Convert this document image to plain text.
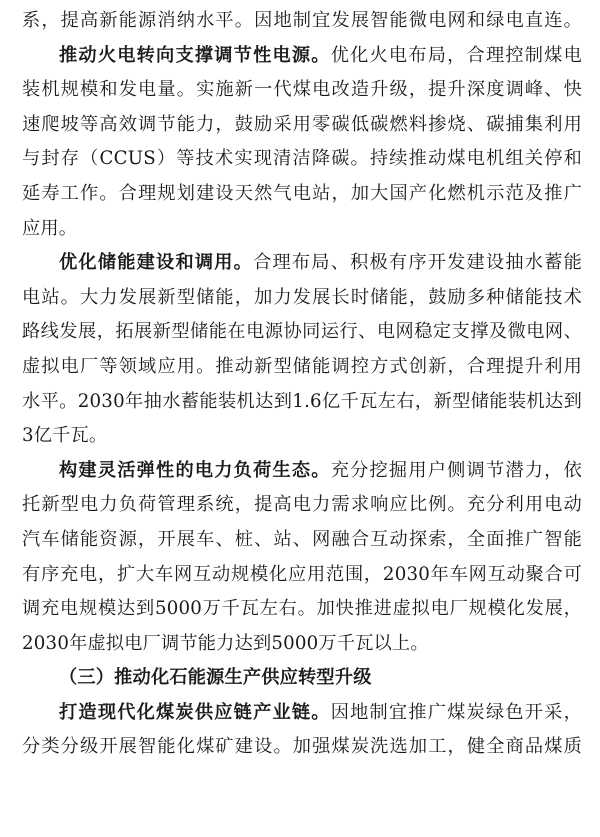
系，提高新能源消纳水平。因地制宜发展智能微电网和绿电直连。
推动火电转向支撑调节性电源。优化火电布局，合理控制煤电
装机规模和发电量。实施新一代煤电改造升级，提升深度调峰、快
速爬坡等高效调节能力，鼓励采用零碳低碳燃料掺烧、碳捕集利用
与封存（CCUS）等技术实现清洁降碳。持续推动煤电机组关停和
延寿工作。合理规划建设天然气电站，加大国产化燃机示范及推广
应用。
优化储能建设和调用。合理布局、积极有序开发建设抽水蓄能
电站。大力发展新型储能，加力发展长时储能，鼓励多种储能技术
路线发展，拓展新型储能在电源协同运行、电网稳定支撑及微电网、
虚拟电厂等领域应用。推动新型储能调控方式创新，合理提升利用
水平。2030年抽水蓄能装机达到1.6亿千瓦左右，新型储能装机达到
3亿千瓦。
构建灵活弹性的电力负荷生态。充分挖掘用户侧调节潜力，依
托新型电力负荷管理系统，提高电力需求响应比例。充分利用电动
汽车储能资源，开展车、桩、站、网融合互动探索，全面推广智能
有序充电，扩大车网互动规模化应用范围，2030年车网互动聚合可
调充电规模达到5000万千瓦左右。加快推进虚拟电厂规模化发展，
2030年虚拟电厂调节能力达到5000万千瓦以上。
（三）推动化石能源生产供应转型升级
打造现代化煤炭供应链产业链。因地制宜推广煤炭绿色开采，
分类分级开展智能化煤矿建设。加强煤炭洗选加工，健全商品煤质
